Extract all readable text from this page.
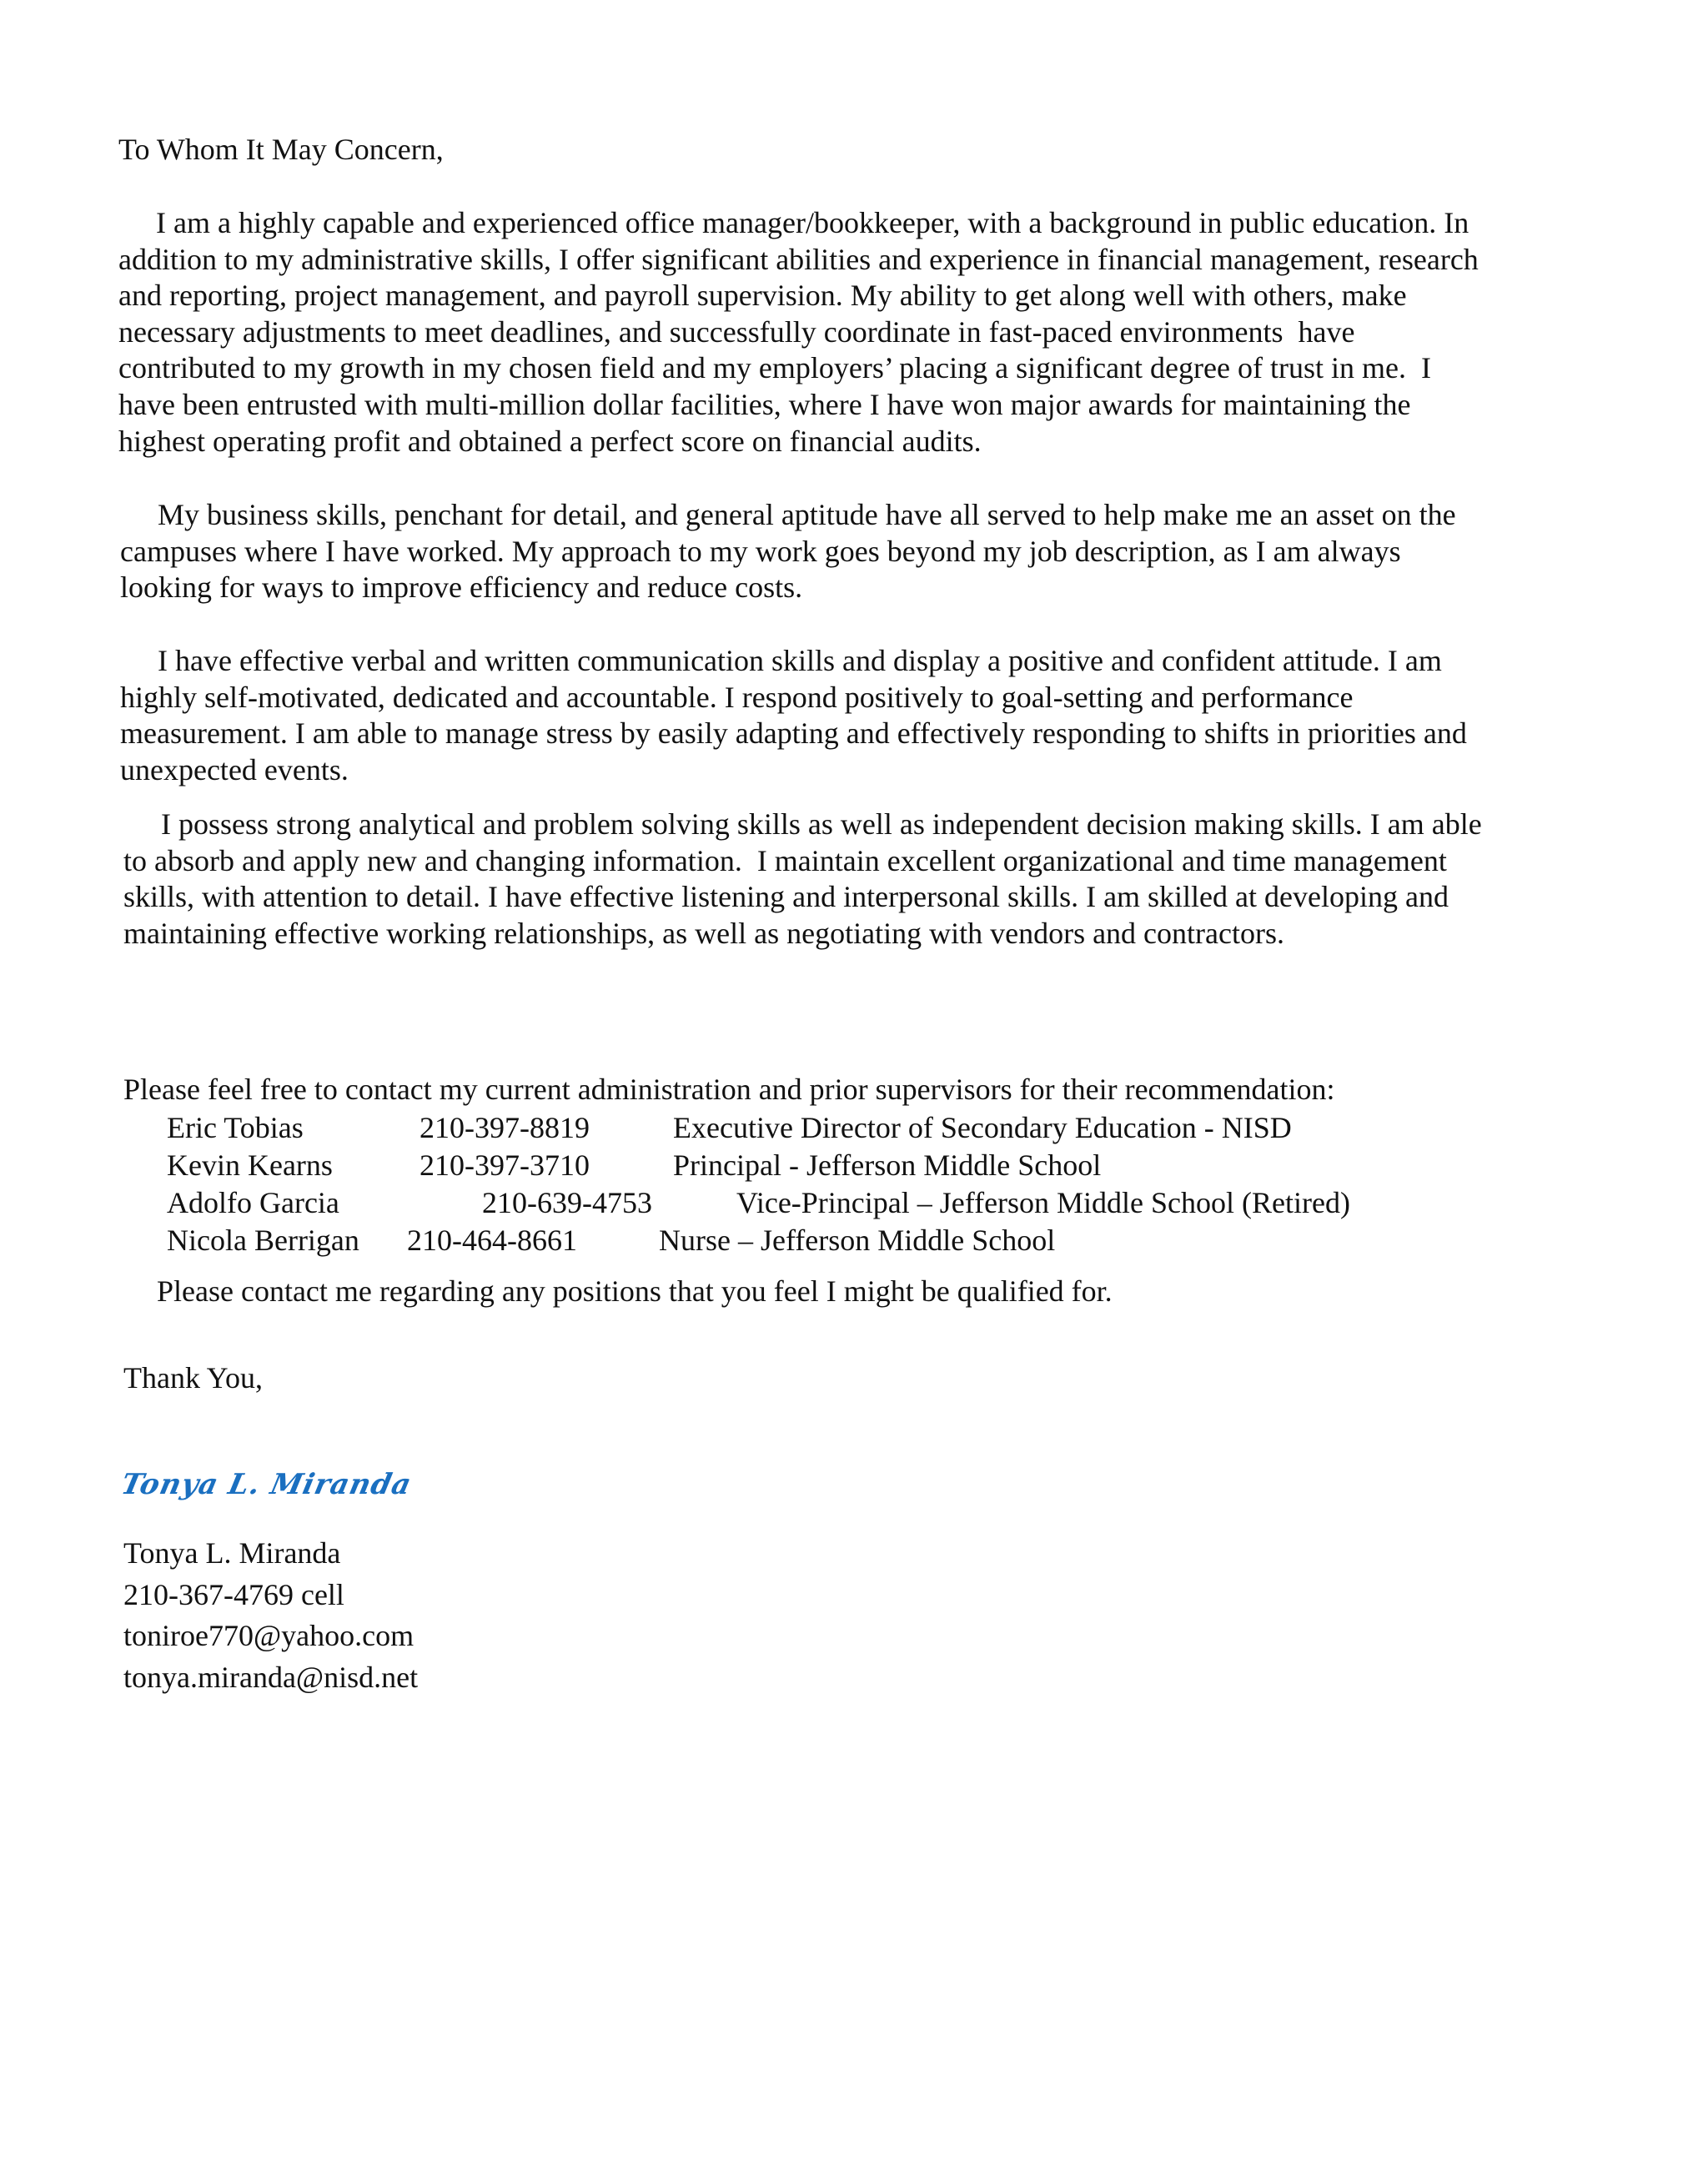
To Whom It May Concern,

I am a highly capable and experienced office manager/bookkeeper, with a background in public education. In
addition to my administrative skills, I offer significant abilities and experience in financial management, research
and reporting, project management, and payroll supervision. My ability to get along well with others, make
necessary adjustments to meet deadlines, and successfully coordinate in fast-paced environments  have
contributed to my growth in my chosen field and my employers’ placing a significant degree of trust in me.  I
have been entrusted with multi-million dollar facilities, where I have won major awards for maintaining the
highest operating profit and obtained a perfect score on financial audits.
My business skills, penchant for detail, and general aptitude have all served to help make me an asset on the
campuses where I have worked. My approach to my work goes beyond my job description, as I am always
looking for ways to improve efficiency and reduce costs.
I have effective verbal and written communication skills and display a positive and confident attitude. I am
highly self-motivated, dedicated and accountable. I respond positively to goal-setting and performance
measurement. I am able to manage stress by easily adapting and effectively responding to shifts in priorities and
unexpected events.
I possess strong analytical and problem solving skills as well as independent decision making skills. I am able
to absorb and apply new and changing information.  I maintain excellent organizational and time management
skills, with attention to detail. I have effective listening and interpersonal skills. I am skilled at developing and
maintaining effective working relationships, as well as negotiating with vendors and contractors.

Please feel free to contact my current administration and prior supervisors for their recommendation:

Eric Tobias	210-397-8819	Executive Director of Secondary Education - NISD
Kevin Kearns	210-397-3710	Principal - Jefferson Middle School
Adolfo Garcia	210-639-4753	Vice-Principal – Jefferson Middle School (Retired)
Nicola Berrigan 210-464-8661	Nurse – Jefferson Middle School

Please contact me regarding any positions that you feel I might be qualified for.

Thank You,

Tonya L. Miranda
Tonya L. Miranda
210-367-4769 cell
toniroe770@yahoo.com
tonya.miranda@nisd.net
